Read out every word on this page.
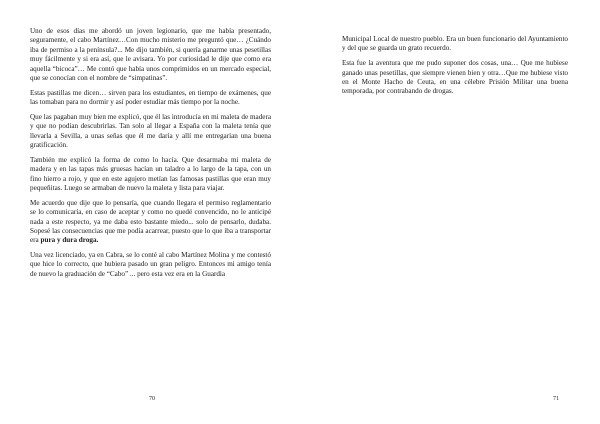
Uno de esos días me abordó un joven legionario, que me había presentado, seguramente, el cabo Martínez…Con mucho misterio me preguntó que… ¿Cuándo iba de permiso a la península?... Me dijo también, si quería ganarme unas pesetillas muy fácilmente y si era así, que le avisara. Yo por curiosidad le dije que como era aquella “bicoca”… Me contó que había unos comprimidos en un mercado especial, que se conocían con el nombre de “simpatinas”.

Estas pastillas me dicen… sirven para los estudiantes, en tiempo de exámenes, que las tomaban para no dormir y así poder estudiar más tiempo por la noche.

Que las pagaban muy bien me explicó, que él las introducía en mi maleta de madera y que no podían descubrirlas. Tan solo al llegar a España con la maleta tenía que llevarla a Sevilla, a unas señas que él me daría y allí me entregarían una buena gratificación.

También me explicó la forma de como lo hacía. Que desarmaba mi maleta de madera y en las tapas más gruesas hacían un taladro a lo largo de la tapa, con un fino hierro a rojo, y que en este agujero metían las famosas pastillas que eran muy pequeñitas. Luego se armaban de nuevo la maleta y lista para viajar.

Me acuerdo que dije que lo pensaría, que cuando llegara el permiso reglamentario se lo comunicaría, en caso de aceptar y como no quedé convencido, no le anticipé nada a este respecto, ya me daba esto bastante miedo... solo de pensarlo, dudaba. Sopesé las consecuencias que me podía acarrear, puesto que lo que iba a transportar era pura y dura droga.

Una vez licenciado, ya en Cabra, se lo conté al cabo Martínez Molina y me contestó que hice lo correcto, que hubiera pasado un gran peligro. Entonces mi amigo tenía de nuevo la graduación de “Cabo” ... pero esta vez era en la Guardia

70

Municipal Local de nuestro pueblo. Era un buen funcionario del Ayuntamiento y del que se guarda un grato recuerdo.

Esta fue la aventura que me pudo suponer dos cosas, una… Que me hubiese ganado unas pesetillas, que siempre vienen bien y otra…Que me hubiese visto en el Monte Hacho de Ceuta, en una célebre Prisión Militar una buena temporada, por contrabando de drogas.

71
